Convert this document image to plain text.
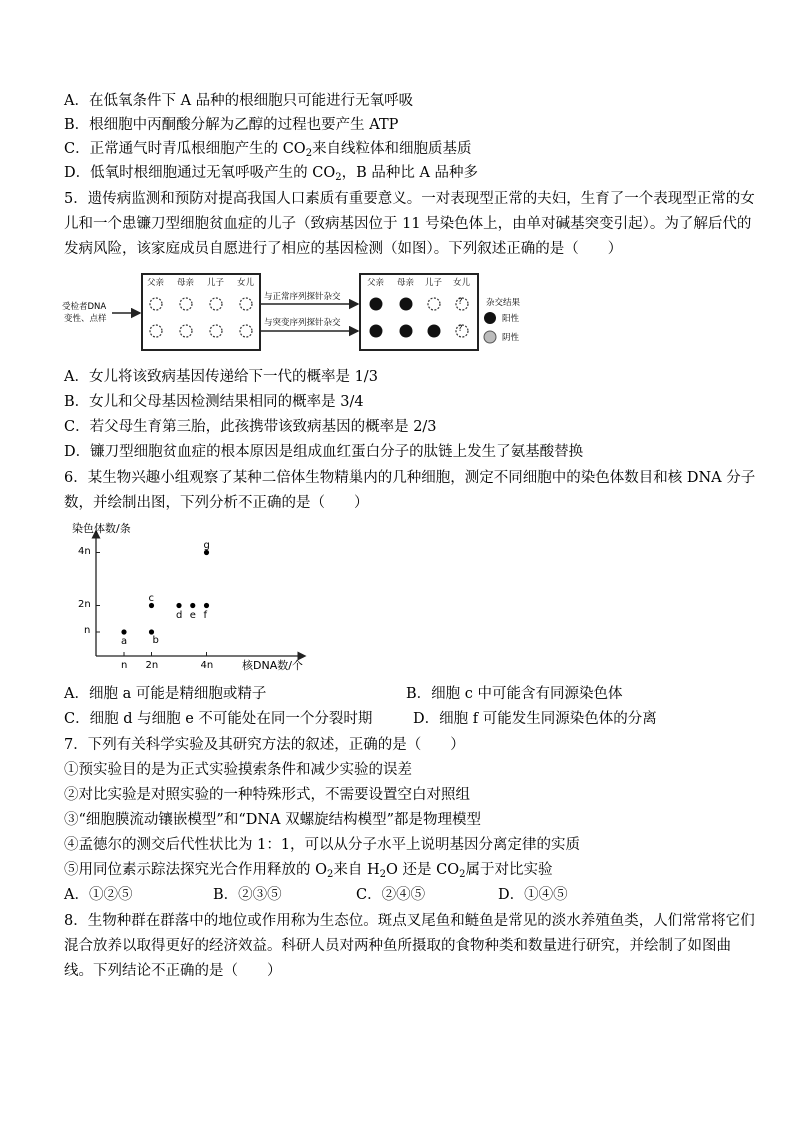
A．在低氧条件下 A 品种的根细胞只可能进行无氧呼吸
B．根细胞中丙酮酸分解为乙醇的过程也要产生 ATP
C．正常通气时青瓜根细胞产生的 $CO_2$来自线粒体和细胞质基质
D．低氧时根细胞通过无氧呼吸产生的 $CO_2$，B 品种比 A 品种多
5．遗传病监测和预防对提高我国人口素质有重要意义。一对表现型正常的夫妇，生育了一个表现型正常的女
儿和一个患镰刀型细胞贫血症的儿子（致病基因位于 11 号染色体上，由单对碱基突变引起）。为了解后代的
发病风险，该家庭成员自愿进行了相应的基因检测（如图）。下列叙述正确的是（　　）
受检者DNA
变性、点样
父亲 母亲 儿子 女儿	父亲 母亲 儿子 女儿
与正常序列探针杂交
与突变序列探针杂交
?
?
杂交结果
阳性
阴性
A．女儿将该致病基因传递给下一代的概率是 1/3
B．女儿和父母基因检测结果相同的概率是 3/4
C．若父母生育第三胎，此孩携带该致病基因的概率是 2/3
D．镰刀型细胞贫血症的根本原因是组成血红蛋白分子的肽链上发生了氨基酸替换
6．某生物兴趣小组观察了某种二倍体生物精巢内的几种细胞，测定不同细胞中的染色体数目和核 DNA 分子
数，并绘制出图，下列分析不正确的是（　　）
染色体数/条
核DNA数/个
n
n
2n
2n
4n
4n
a	b
c
d e f
g
A．细胞 a 可能是精细胞或精子	B．细胞 c 中可能含有同源染色体
C．细胞 d 与细胞 e 不可能处在同一个分裂时期	D．细胞 f 可能发生同源染色体的分离
7．下列有关科学实验及其研究方法的叙述，正确的是（　　）
①预实验目的是为正式实验摸索条件和减少实验的误差
②对比实验是对照实验的一种特殊形式，不需要设置空白对照组
③“细胞膜流动镶嵌模型”和“DNA 双螺旋结构模型”都是物理模型
④孟德尔的测交后代性状比为 1：1，可以从分子水平上说明基因分离定律的实质
⑤用同位素示踪法探究光合作用释放的 $O_2$来自 $H_2O$ 还是 $CO_2$属于对比实验
A．①②⑤	B．②③⑤	C．②④⑤	D．①④⑤
8．生物种群在群落中的地位或作用称为生态位。斑点叉尾鱼和鲢鱼是常见的淡水养殖鱼类，人们常常将它们
混合放养以取得更好的经济效益。科研人员对两种鱼所摄取的食物种类和数量进行研究，并绘制了如图曲
线。下列结论不正确的是（　　）
